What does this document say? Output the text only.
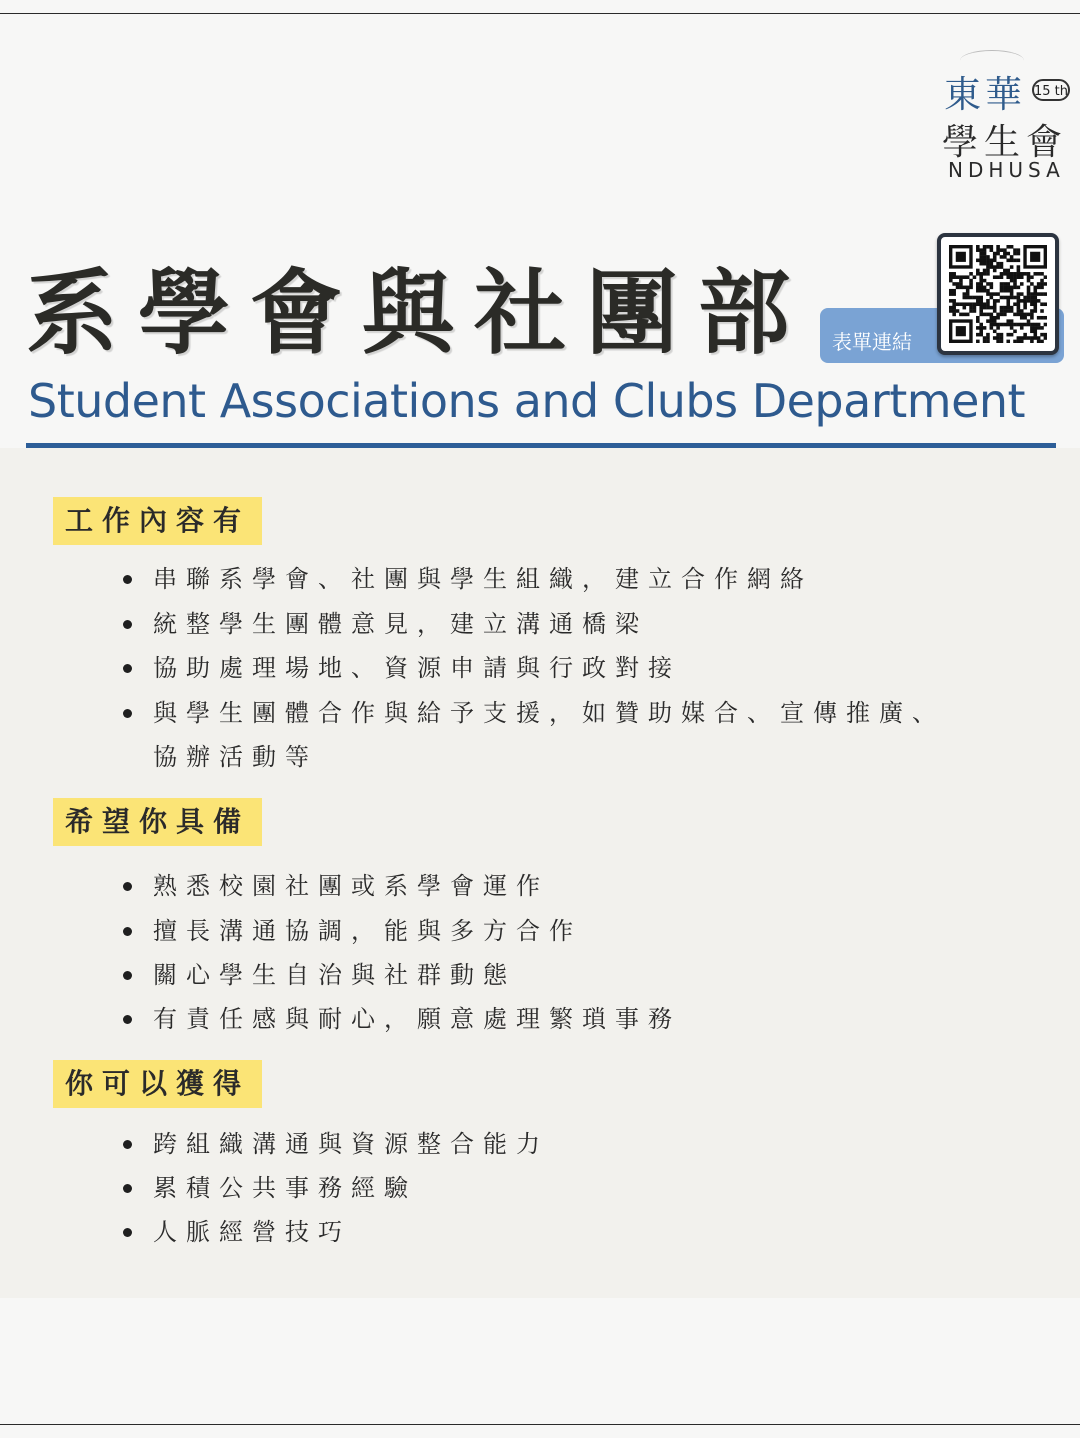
東華 15 th
學生會
NDHUSA
系學會與社團部 表單連結
Student Associations and Clubs Department
工作內容有
串聯系學會、社團與學生組織，建立合作網絡
統整學生團體意見，建立溝通橋梁
協助處理場地、資源申請與行政對接
與學生團體合作與給予支援，如贊助媒合、宣傳推廣、
協辦活動等
希望你具備
熟悉校園社團或系學會運作
擅長溝通協調，能與多方合作
關心學生自治與社群動態
有責任感與耐心，願意處理繁瑣事務
你可以獲得
跨組織溝通與資源整合能力
累積公共事務經驗
人脈經營技巧
